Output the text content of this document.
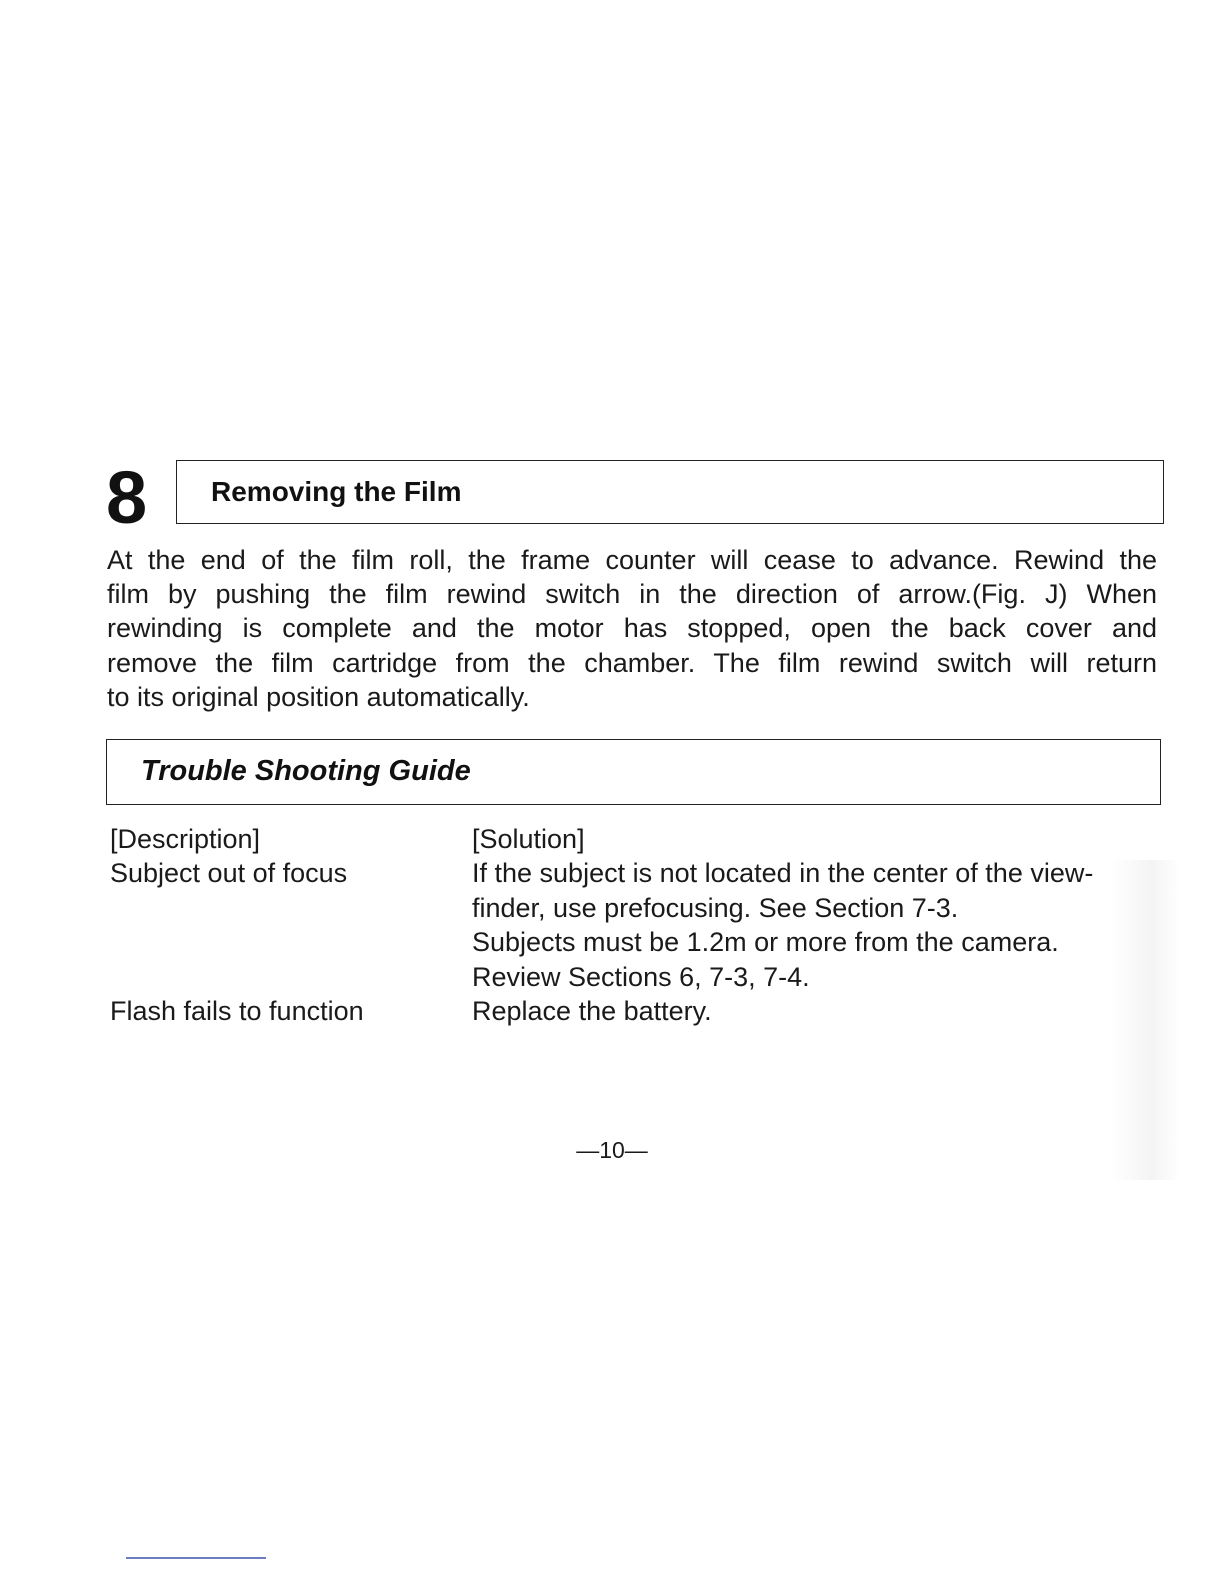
8 Removing the Film
At the end of the film roll, the frame counter will cease to advance. Rewind the
film by pushing the film rewind switch in the direction of arrow.(Fig. J) When
rewinding is complete and the motor has stopped, open the back cover and
remove the film cartridge from the chamber. The film rewind switch will return
to its original position automatically.
Trouble Shooting Guide
[Description]
Subject out of focus
Flash fails to function
[Solution]
If the subject is not located in the center of the view-
finder, use prefocusing. See Section 7-3.
Subjects must be 1.2m or more from the camera.
Review Sections 6, 7-3, 7-4.
Replace the battery.
—10—
